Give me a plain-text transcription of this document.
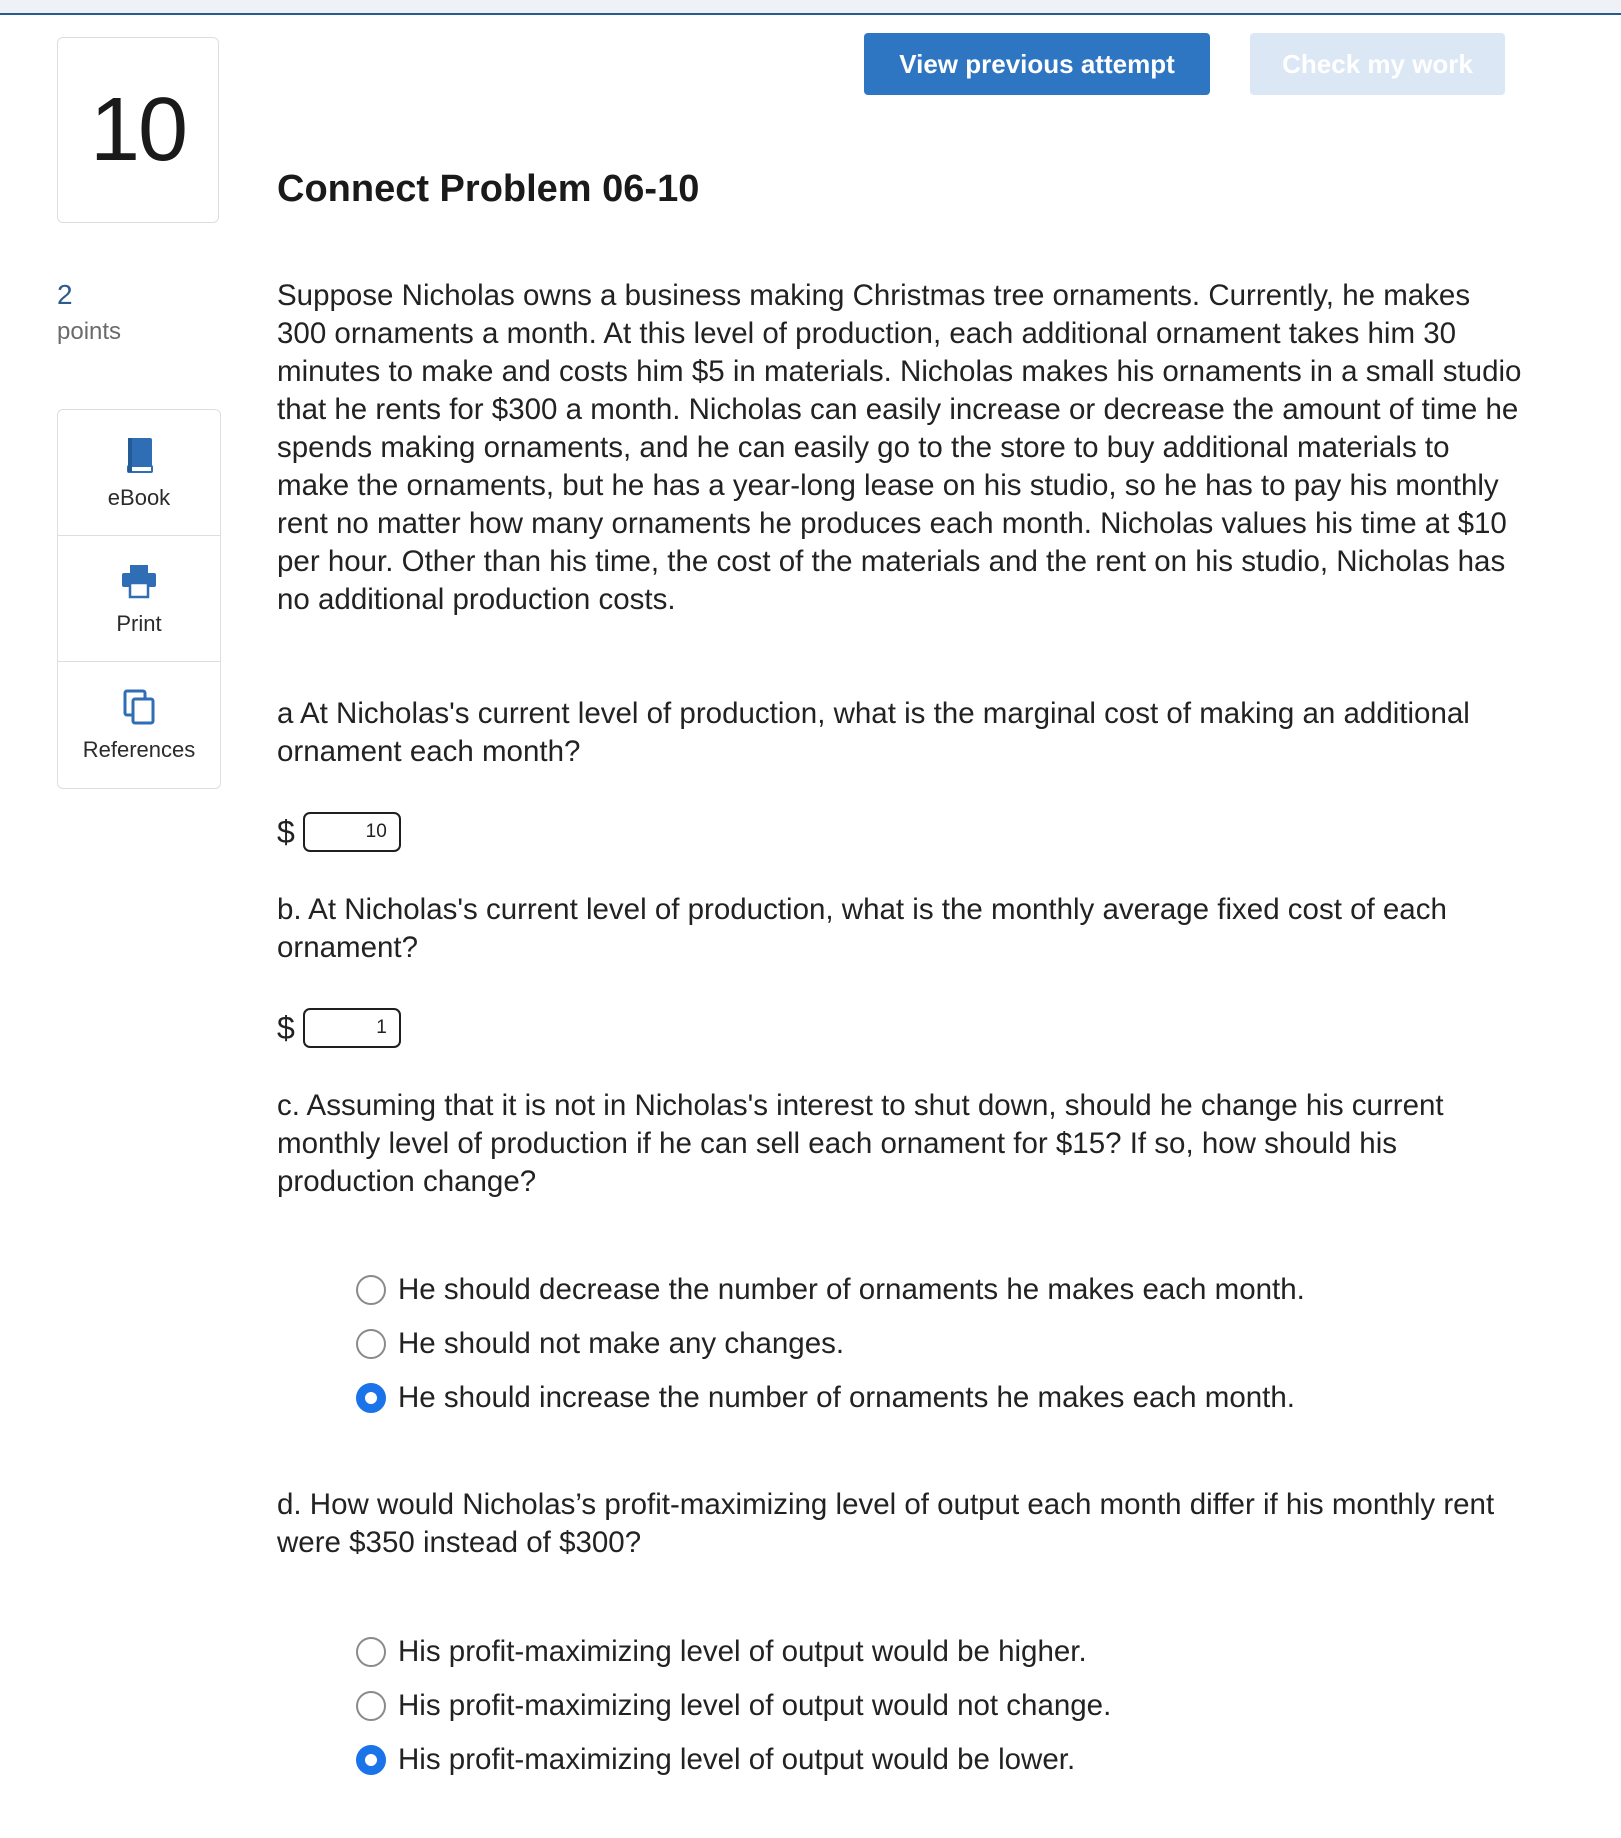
10
2
points
eBook
Print
References
View previous attempt	Check my work
Connect Problem 06-10
Suppose Nicholas owns a business making Christmas tree ornaments. Currently, he makes 300 ornaments a month. At this level of production, each additional ornament takes him 30 minutes to make and costs him $5 in materials. Nicholas makes his ornaments in a small studio that he rents for $300 a month. Nicholas can easily increase or decrease the amount of time he spends making ornaments, and he can easily go to the store to buy additional materials to make the ornaments, but he has a year-long lease on his studio, so he has to pay his monthly rent no matter how many ornaments he produces each month. Nicholas values his time at $10 per hour. Other than his time, the cost of the materials and the rent on his studio, Nicholas has no additional production costs.
a At Nicholas's current level of production, what is the marginal cost of making an additional ornament each month?
$	10
b. At Nicholas's current level of production, what is the monthly average fixed cost of each ornament?
$	1
c. Assuming that it is not in Nicholas's interest to shut down, should he change his current monthly level of production if he can sell each ornament for $15? If so, how should his production change?
He should decrease the number of ornaments he makes each month.
He should not make any changes.
He should increase the number of ornaments he makes each month.
d. How would Nicholas’s profit-maximizing level of output each month differ if his monthly rent were $350 instead of $300?
His profit-maximizing level of output would be higher.
His profit-maximizing level of output would not change.
His profit-maximizing level of output would be lower.
